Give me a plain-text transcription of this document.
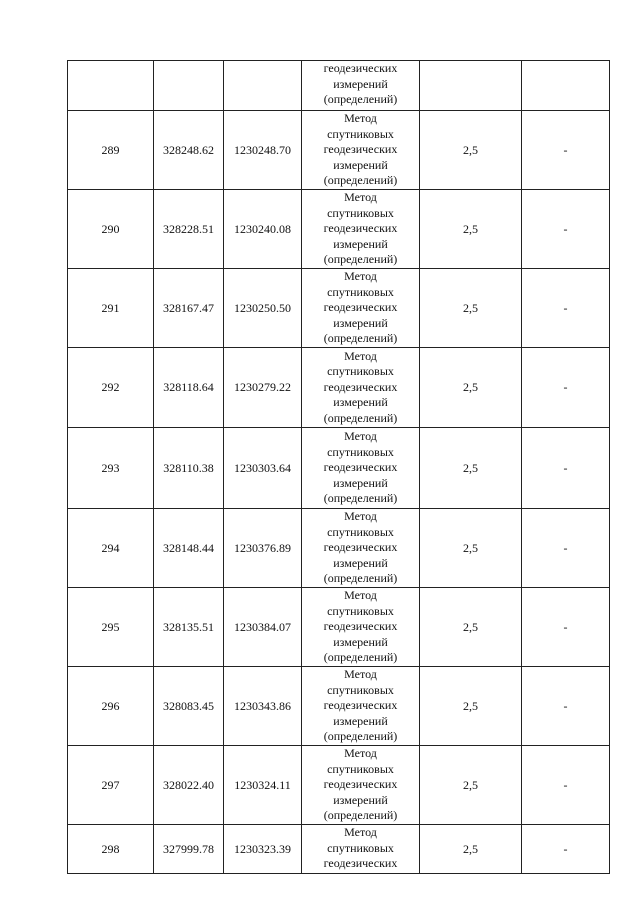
			геодезических
измерений
(определений)		

289	328248.62	1230248.70	Метод
спутниковых
геодезических
измерений
(определений)	2,5	-
290	328228.51	1230240.08	Метод
спутниковых
геодезических
измерений
(определений)	2,5	-
291	328167.47	1230250.50	Метод
спутниковых
геодезических
измерений
(определений)	2,5	-
292	328118.64	1230279.22	Метод
спутниковых
геодезических
измерений
(определений)	2,5	-
293	328110.38	1230303.64	Метод
спутниковых
геодезических
измерений
(определений)	2,5	-
294	328148.44	1230376.89	Метод
спутниковых
геодезических
измерений
(определений)	2,5	-
295	328135.51	1230384.07	Метод
спутниковых
геодезических
измерений
(определений)	2,5	-
296	328083.45	1230343.86	Метод
спутниковых
геодезических
измерений
(определений)	2,5	-
297	328022.40	1230324.11	Метод
спутниковых
геодезических
измерений
(определений)	2,5	-
298	327999.78	1230323.39	Метод
спутниковых
геодезических	2,5	-
